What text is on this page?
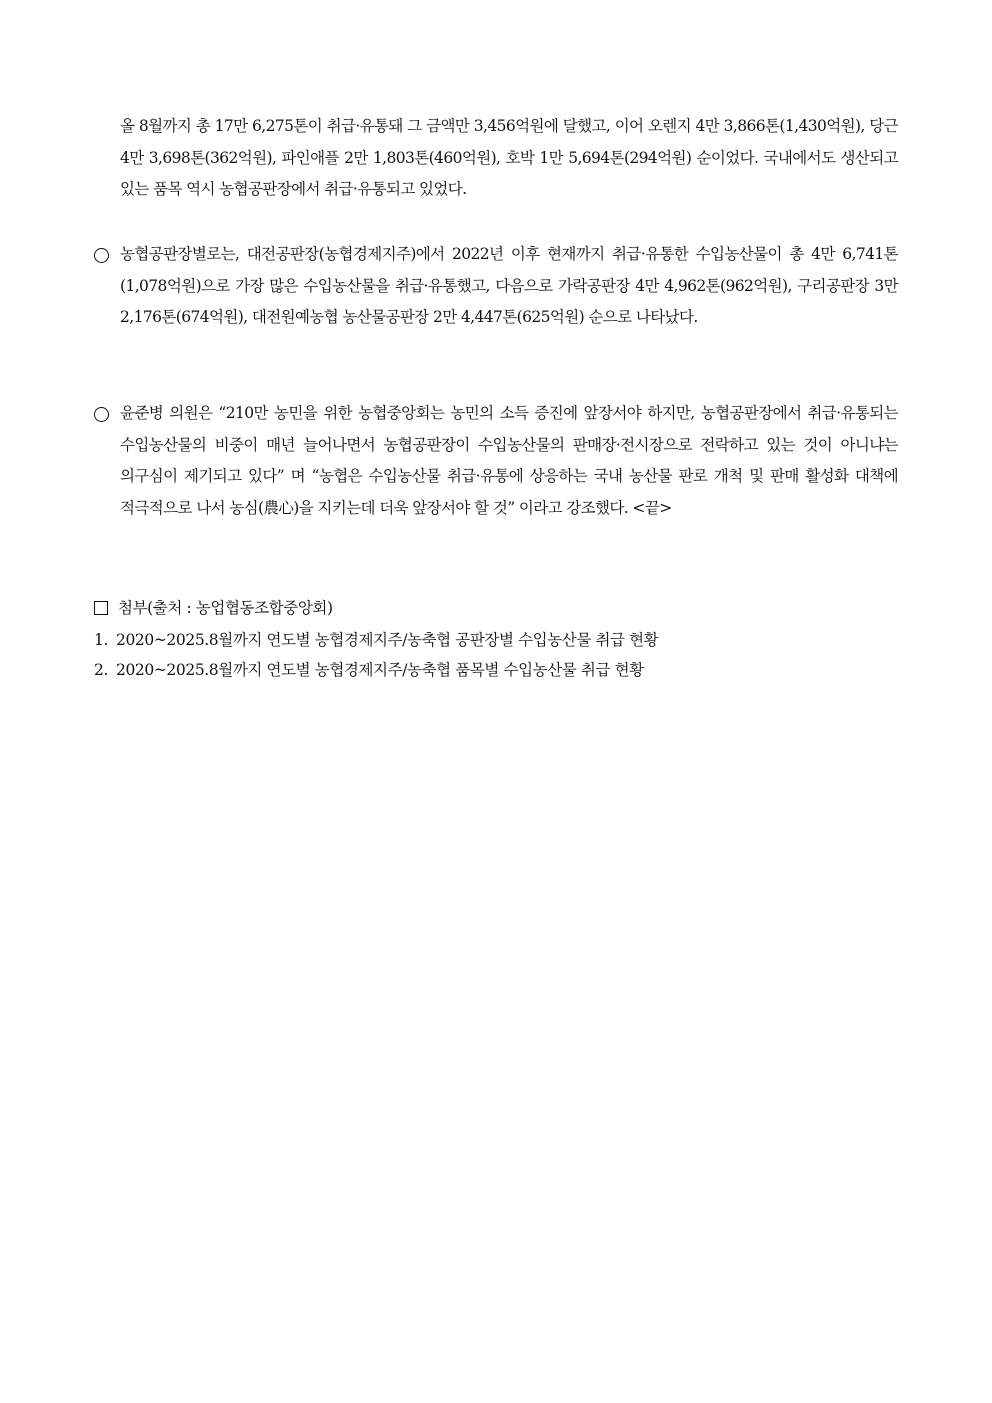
올 8월까지 총 17만 6,275톤이 취급·유통돼 그 금액만 3,456억원에 달했고, 이어 오렌지 4만 3,866톤(1,430억원), 당근 4만 3,698톤(362억원), 파인애플 2만 1,803톤(460억원), 호박 1만 5,694톤(294억원) 순이었다. 국내에서도 생산되고 있는 품목 역시 농협공판장에서 취급·유통되고 있었다.
농협공판장별로는, 대전공판장(농협경제지주)에서 2022년 이후 현재까지 취급·유통한 수입농산물이 총 4만 6,741톤(1,078억원)으로 가장 많은 수입농산물을 취급·유통했고, 다음으로 가락공판장 4만 4,962톤(962억원), 구리공판장 3만 2,176톤(674억원), 대전원예농협 농산물공판장 2만 4,447톤(625억원) 순으로 나타났다.
윤준병 의원은 “210만 농민을 위한 농협중앙회는 농민의 소득 증진에 앞장서야 하지만, 농협공판장에서 취급·유통되는 수입농산물의 비중이 매년 늘어나면서 농협공판장이 수입농산물의 판매장·전시장으로 전락하고 있는 것이 아니냐는 의구심이 제기되고 있다” 며 “농협은 수입농산물 취급·유통에 상응하는 국내 농산물 판로 개척 및 판매 활성화 대책에 적극적으로 나서 농심(農心)을 지키는데 더욱 앞장서야 할 것” 이라고 강조했다. <끝>
첨부(출처 : 농업협동조합중앙회)
1. 2020~2025.8월까지 연도별 농협경제지주/농축협 공판장별 수입농산물 취급 현황
2. 2020~2025.8월까지 연도별 농협경제지주/농축협 품목별 수입농산물 취급 현황
